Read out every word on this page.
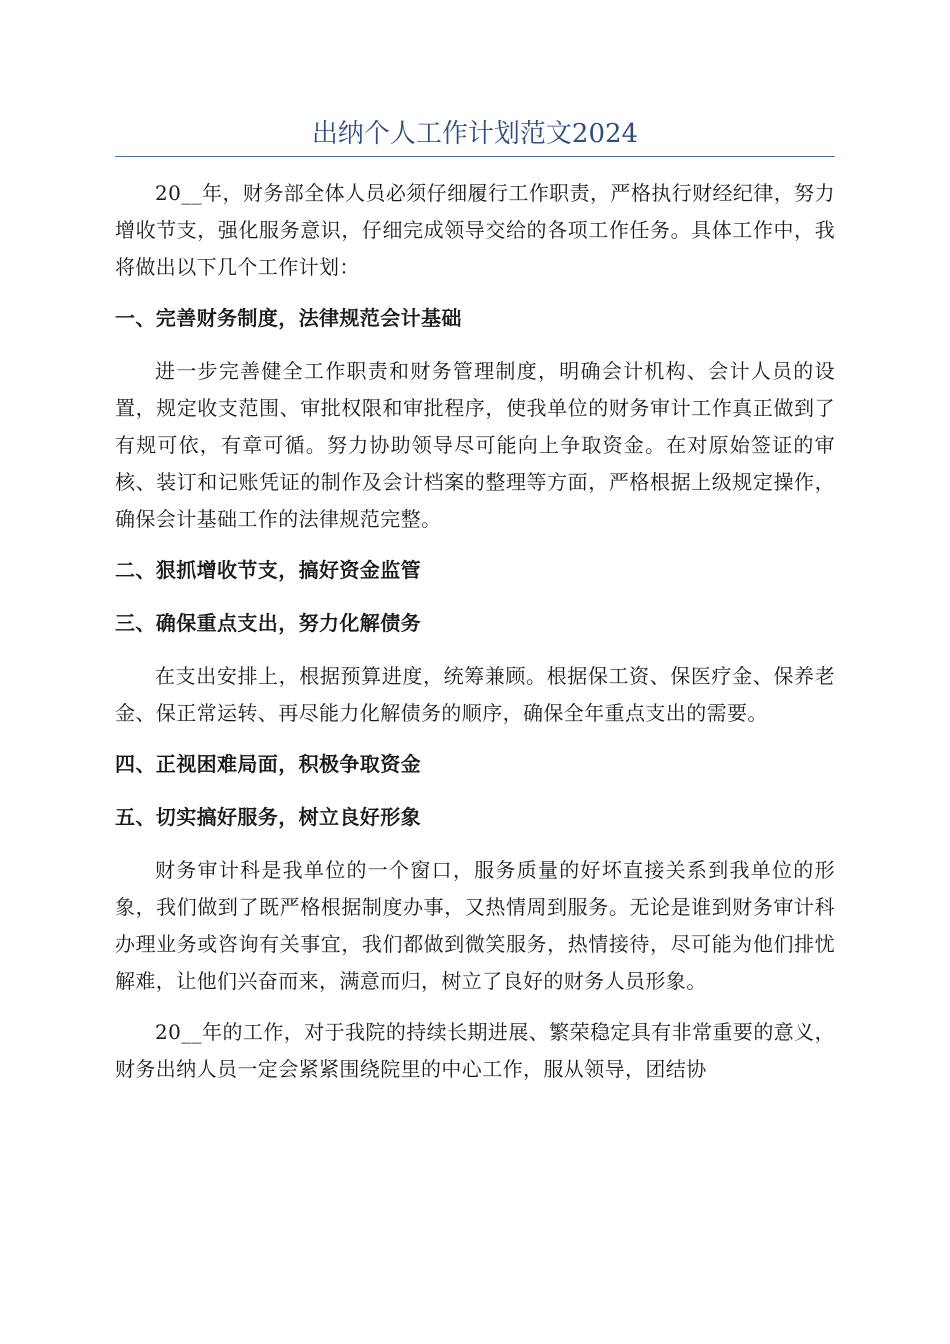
出纳个人工作计划范文2024

20__年，财务部全体人员必须仔细履行工作职责，严格执行财经纪律，努力增收节支，强化服务意识，仔细完成领导交给的各项工作任务。具体工作中，我将做出以下几个工作计划：

一、完善财务制度，法律规范会计基础

进一步完善健全工作职责和财务管理制度，明确会计机构、会计人员的设置，规定收支范围、审批权限和审批程序，使我单位的财务审计工作真正做到了有规可依，有章可循。努力协助领导尽可能向上争取资金。在对原始签证的审核、装订和记账凭证的制作及会计档案的整理等方面，严格根据上级规定操作，确保会计基础工作的法律规范完整。

二、狠抓增收节支，搞好资金监管

三、确保重点支出，努力化解债务

在支出安排上，根据预算进度，统筹兼顾。根据保工资、保医疗金、保养老金、保正常运转、再尽能力化解债务的顺序，确保全年重点支出的需要。

四、正视困难局面，积极争取资金

五、切实搞好服务，树立良好形象

财务审计科是我单位的一个窗口，服务质量的好坏直接关系到我单位的形象，我们做到了既严格根据制度办事，又热情周到服务。无论是谁到财务审计科办理业务或咨询有关事宜，我们都做到微笑服务，热情接待，尽可能为他们排忧解难，让他们兴奋而来，满意而归，树立了良好的财务人员形象。

20__年的工作，对于我院的持续长期进展、繁荣稳定具有非常重要的意义，财务出纳人员一定会紧紧围绕院里的中心工作，服从领导，团结协
